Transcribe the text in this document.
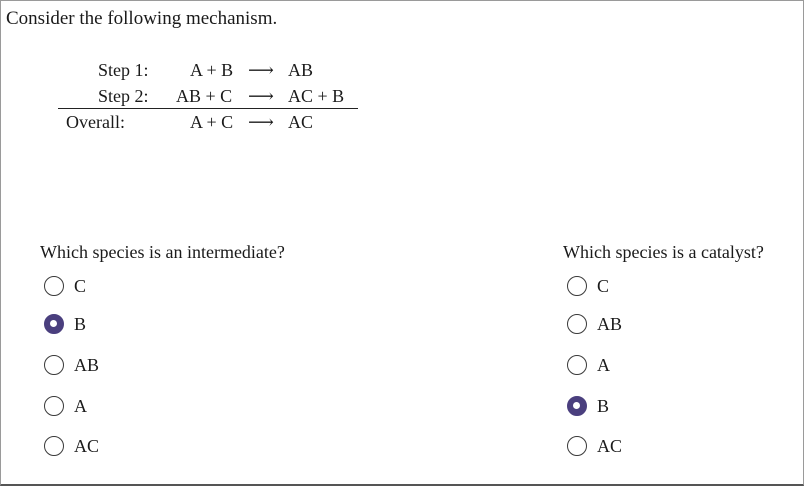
Consider the following mechanism.
Step 1: A + B ⟶ AB
Step 2: AB + C ⟶ AC + B
Overall:	A + C ⟶ AC
Which species is an intermediate?
C
B
AB
A
AC
Which species is a catalyst?
C
AB
A
B
AC
